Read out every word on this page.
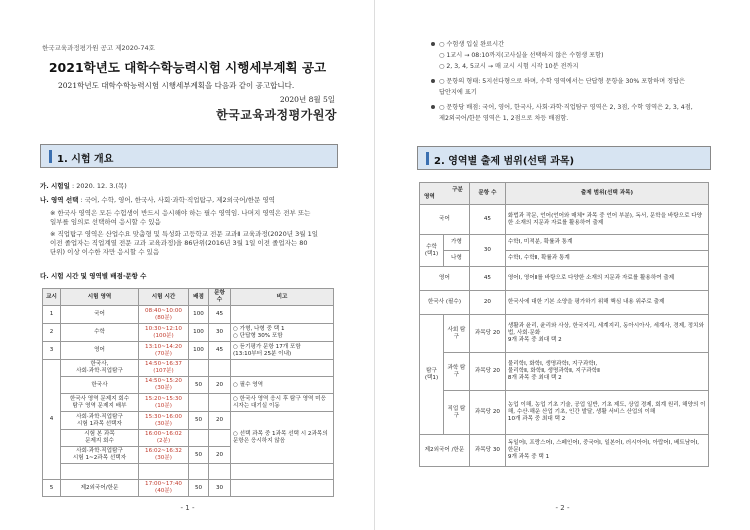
한국교육과정평가원 공고 제2020-74호
2021학년도 대학수학능력시험 시행세부계획 공고
2021학년도 대학수학능력시험 시행세부계획을 다음과 같이 공고합니다.
2020년 8월 5일
한국교육과정평가원장
1. 시험 개요
가. 시험일 : 2020. 12. 3.(목)
나. 영역 선택 : 국어, 수학, 영어, 한국사, 사회·과학·직업탐구, 제2외국어/한문 영역
※ 한국사 영역은 모든 수험생이 반드시 응시해야 하는 필수 영역임. 나머지 영역은 전부 또는
일부를 임의로 선택하여 응시할 수 있음
※ 직업탐구 영역은 산업수요 맞춤형 및 특성화 고등학교 전문 교과Ⅱ 교육과정(2020년 3월 1일
이전 졸업자는 직업계열 전문 교과 교육과정)을 86단위(2016년 3월 1일 이전 졸업자는 80
단위) 이상 이수한 자만 응시할 수 있음
다. 시험 시간 및 영역별 배점·문항 수
교시	시험 영역	시험 시간	배점	문항 수	비고
1	국어	08:40~10:00
(80분)	100	45	
2	수학	10:30~12:10
(100분)	100	30	○ 가형, 나형 중 택 1
○ 단답형 30% 포함
3	영어	13:10~14:20
(70분)	100	45	○ 듣기평가 문항 17개 포함
(13:10부터 25분 이내)
4	한국사,
사회·과학·직업탐구	14:50~16:37
(107분)			
	한국사	14:50~15:20
(30분)	50	20	○ 필수 영역
	한국사 영역 문제지 회수
탐구 영역 문제지 배부	15:20~15:30
(10분)			○ 한국사 영역 응시 후 탐구 영역 미응시자는 대기실 이동
	사회·과학·직업탐구
시험 1과목 선택자	15:30~16:00
(30분)	50	20	○ 선택 과목 중 1과목 선택 시 2과목의 문항은 응시하지 않음
	시험 본 과목
문제지 회수	16:00~16:02
(2분)			
	사회·과학·직업탐구
시험 1~2과목 선택자	16:02~16:32
(30분)	50	20	

5	제2외국어/한문	17:00~17:40
(40분)	50	30	
- 1 -
○ 수험생 입실 완료시간
○ 1교시 → 08:10까지(고사실을 선택하지 않은 수험생 포함)
○ 2, 3, 4, 5교시 → 매 교시 시험 시작 10분 전까지
○ 문항의 형태: 5지선다형으로 하며, 수학 영역에서는 단답형 문항을 30% 포함하며 정답은
답안지에 표기
○ 문항당 배점: 국어, 영어, 한국사, 사회·과학·직업탐구 영역은 2, 3점, 수학 영역은 2, 3, 4점,
제2외국어/한문 영역은 1, 2점으로 차등 배점함.
2. 영역별 출제 범위(선택 과목)
구분
영역		문항 수	출제 범위(선택 과목)
국어		45	화법과 작문, 언어(언어와 매체* 과목 중 언어 부분), 독서, 문학을 바탕으로 다양한 소재의 지문과 자료를 활용하여 출제
수학 (택1)	가형	30	수학Ⅰ, 미적분, 확률과 통계
	나형		수학Ⅰ, 수학Ⅱ, 확률과 통계
영어		45	영어Ⅰ, 영어Ⅱ를 바탕으로 다양한 소재의 지문과 자료를 활용하여 출제
한국사 (필수)		20	한국사에 대한 기본 소양을 평가하기 위해 핵심 내용 위주로 출제
탐구 (택1)	사회 탐구	과목당 20	생활과 윤리, 윤리와 사상, 한국지리, 세계지리, 동아시아사, 세계사, 경제, 정치와 법, 사회·문화
9개 과목 중 최대 택 2
	과학 탐구	과목당 20	물리학Ⅰ, 화학Ⅰ, 생명과학Ⅰ, 지구과학Ⅰ,
물리학Ⅱ, 화학Ⅱ, 생명과학Ⅱ, 지구과학Ⅱ
8개 과목 중 최대 택 2
	직업 탐구	과목당 20	농업 이해, 농업 기초 기술, 공업 일반, 기초 제도, 상업 경제, 회계 원리, 해양의 이해, 수산·해운 산업 기초, 인간 발달, 생활 서비스 산업의 이해
10개 과목 중 최대 택 2
제2외국어 /한문		과목당 30	독일어Ⅰ, 프랑스어Ⅰ, 스페인어Ⅰ, 중국어Ⅰ, 일본어Ⅰ, 러시아어Ⅰ, 아랍어Ⅰ, 베트남어Ⅰ, 한문Ⅰ
9개 과목 중 택 1
- 2 -
